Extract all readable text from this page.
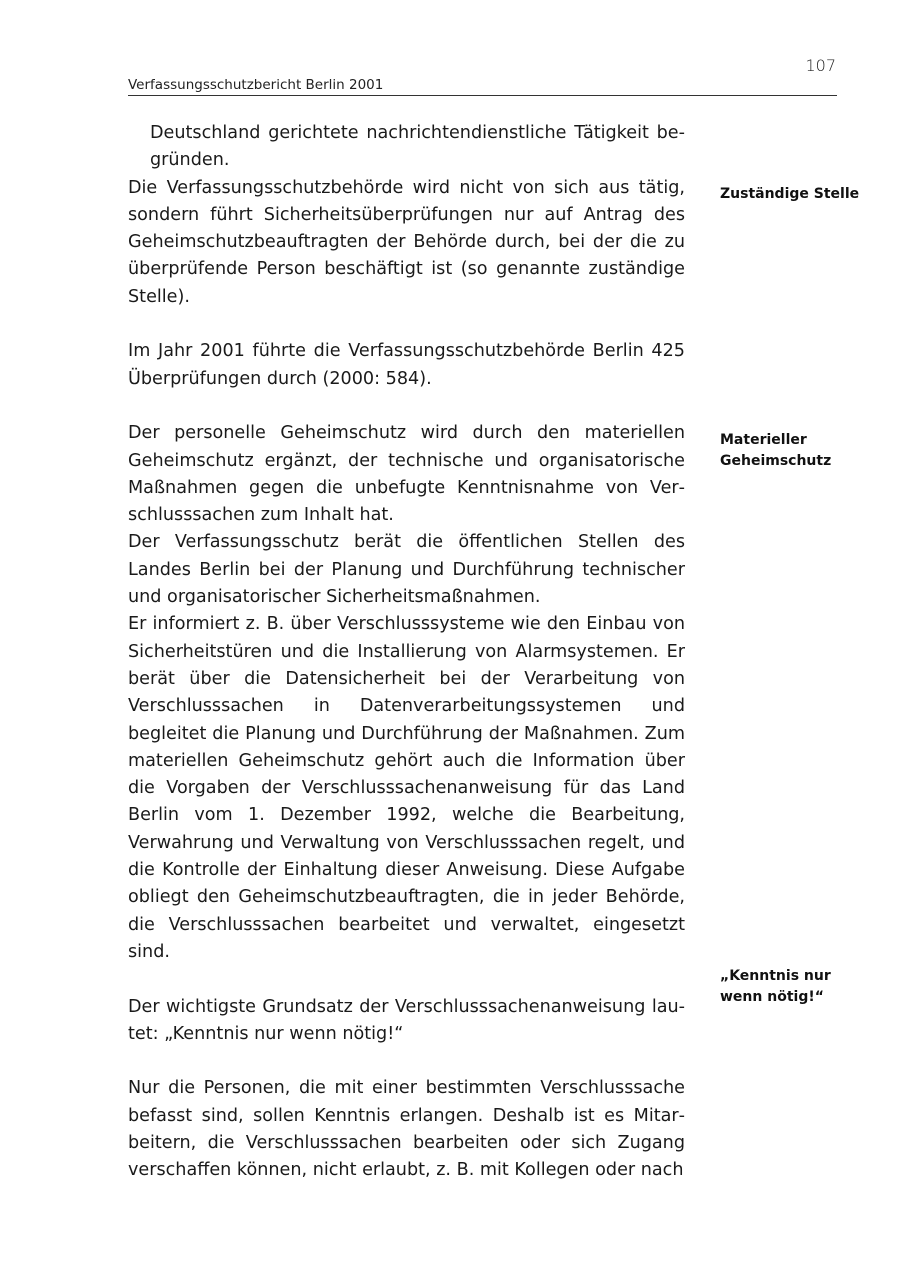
107
Verfassungsschutzbericht Berlin 2001

Deutschland gerichtete nachrichtendienstliche Tätigkeit begründen.

Die Verfassungsschutzbehörde wird nicht von sich aus tätig, sondern führt Sicherheitsüberprüfungen nur auf Antrag des Geheimschutzbeauftragten der Behörde durch, bei der die zu überprüfende Person beschäftigt ist (so genannte zuständige Stelle).

Im Jahr 2001 führte die Verfassungsschutzbehörde Berlin 425 Überprüfungen durch (2000: 584).

Der personelle Geheimschutz wird durch den materiellen Geheimschutz ergänzt, der technische und organisatorische Maßnahmen gegen die unbefugte Kenntnisnahme von Verschlusssachen zum Inhalt hat.

Der Verfassungsschutz berät die öffentlichen Stellen des Landes Berlin bei der Planung und Durchführung technischer und organisatorischer Sicherheitsmaßnahmen.

Er informiert z. B. über Verschlusssysteme wie den Einbau von Sicherheitstüren und die Installierung von Alarmsystemen. Er berät über die Datensicherheit bei der Verarbeitung von Verschlusssachen in Datenverarbeitungssystemen und begleitet die Planung und Durchführung der Maßnahmen. Zum materiellen Geheimschutz gehört auch die Information über die Vorgaben der Verschlusssachenanweisung für das Land Berlin vom 1. Dezember 1992, welche die Bearbeitung, Verwahrung und Verwaltung von Verschlusssachen regelt, und die Kontrolle der Einhaltung dieser Anweisung. Diese Aufgabe obliegt den Geheimschutzbeauftragten, die in jeder Behörde, die Verschlusssachen bearbeitet und verwaltet, eingesetzt sind.

Der wichtigste Grundsatz der Verschlusssachenanweisung lautet: „Kenntnis nur wenn nötig!“

Nur die Personen, die mit einer bestimmten Verschlusssache befasst sind, sollen Kenntnis erlangen. Deshalb ist es Mitarbeitern, die Verschlusssachen bearbeiten oder sich Zugang verschaffen können, nicht erlaubt, z. B. mit Kollegen oder nach

Zuständige Stelle
Materieller Geheimschutz
„Kenntnis nur wenn nötig!“
